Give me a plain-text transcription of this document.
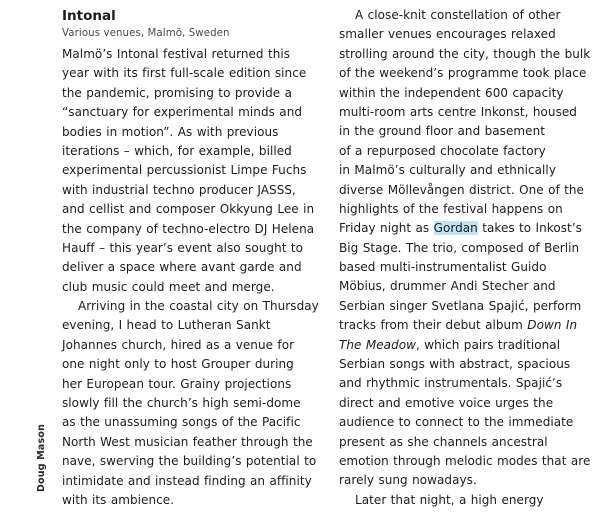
Doug Mason
Intonal
Various venues, Malmö, Sweden
Malmö’s Intonal festival returned this
year with its first full-scale edition since
the pandemic, promising to provide a
“sanctuary for experimental minds and
bodies in motion”. As with previous
iterations – which, for example, billed
experimental percussionist Limpe Fuchs
with industrial techno producer JASSS,
and cellist and composer Okkyung Lee in
the company of techno-electro DJ Helena
Hauff – this year’s event also sought to
deliver a space where avant garde and
club music could meet and merge.
Arriving in the coastal city on Thursday
evening, I head to Lutheran Sankt
Johannes church, hired as a venue for
one night only to host Grouper during
her European tour. Grainy projections
slowly fill the church’s high semi-dome
as the unassuming songs of the Pacific
North West musician feather through the
nave, swerving the building’s potential to
intimidate and instead finding an affinity
with its ambience.
A close-knit constellation of other
smaller venues encourages relaxed
strolling around the city, though the bulk
of the weekend’s programme took place
within the independent 600 capacity
multi-room arts centre Inkonst, housed
in the ground floor and basement
of a repurposed chocolate factory
in Malmö’s culturally and ethnically
diverse Möllevången district. One of the
highlights of the festival happens on
Friday night as Gordan takes to Inkost’s
Big Stage. The trio, composed of Berlin
based multi-instrumentalist Guido
Möbius, drummer Andi Stecher and
Serbian singer Svetlana Spajić, perform
tracks from their debut album Down In
The Meadow, which pairs traditional
Serbian songs with abstract, spacious
and rhythmic instrumentals. Spajić’s
direct and emotive voice urges the
audience to connect to the immediate
present as she channels ancestral
emotion through melodic modes that are
rarely sung nowadays.
Later that night, a high energy
